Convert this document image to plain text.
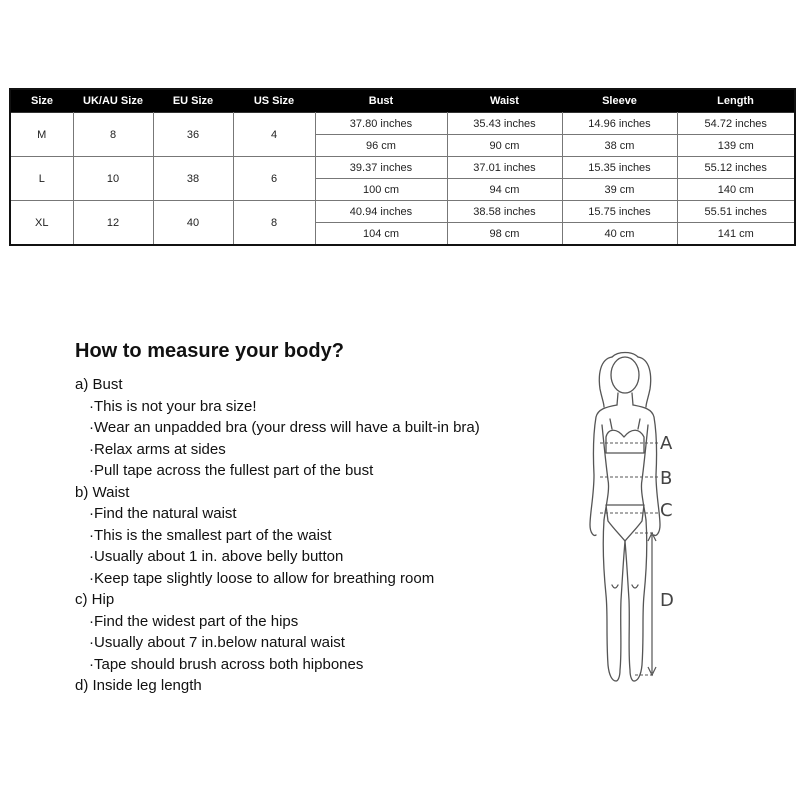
Size	UK/AU Size	EU Size	US Size	Bust	Waist	Sleeve	Length
M	8	36	4	37.80 inches	35.43 inches	14.96 inches	54.72 inches
				96 cm	90 cm	38 cm	139 cm
L	10	38	6	39.37 inches	37.01 inches	15.35 inches	55.12 inches
				100 cm	94 cm	39 cm	140 cm
XL	12	40	8	40.94 inches	38.58 inches	15.75 inches	55.51 inches
				104 cm	98 cm	40 cm	141 cm
How to measure your body?
a) Bust
·This is not your bra size!
·Wear an unpadded bra (your dress will have a built-in bra)
·Relax arms at sides
·Pull tape across the fullest part of the bust
b) Waist
·Find the natural waist
·This is the smallest part of the waist
·Usually about 1 in. above belly button
·Keep tape slightly loose to allow for breathing room
c) Hip
·Find the widest part of the hips
·Usually about 7 in.below natural waist
·Tape should brush across both hipbones
d) Inside leg length
A
B
C
D
